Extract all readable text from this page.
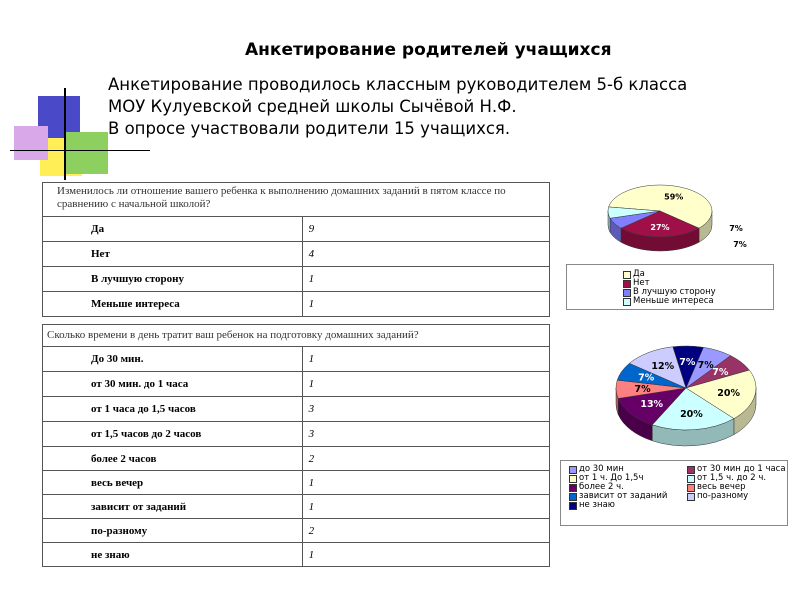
Анкетирование родителей учащихся
Анкетирование проводилось классным руководителем 5-б класса
МОУ Кулуевской средней школы Сычёвой Н.Ф.
В опросе участвовали родители 15 учащихся.
Изменилось ли отношение вашего ребенка к выполнению домашних заданий в пятом классе по сравнению с начальной школой?	
Да	9
Нет	4
В лучшую сторону	1
Меньше интереса	1
Сколько времени в день тратит ваш ребенок на подготовку домашних заданий?	
До 30 мин.	1
от 30 мин. до 1 часа	1
от 1 часа до 1,5 часов	3
от 1,5 часов до 2 часов	3
более 2 часов	2
весь вечер	1
зависит от заданий	1
по-разному	2
не знаю	1
59%
27%	7%
7%
Да
Нет
В лучшую сторону
Меньше интереса
7%
7%
20%
20%
13%
7%
7%
12% 7%
до 30 мин	от 30 мин до 1 часа
от 1 ч. До 1,5ч	от 1,5 ч. до 2 ч.
более 2 ч.	весь вечер
зависит от заданий	по-разному
не знаю
